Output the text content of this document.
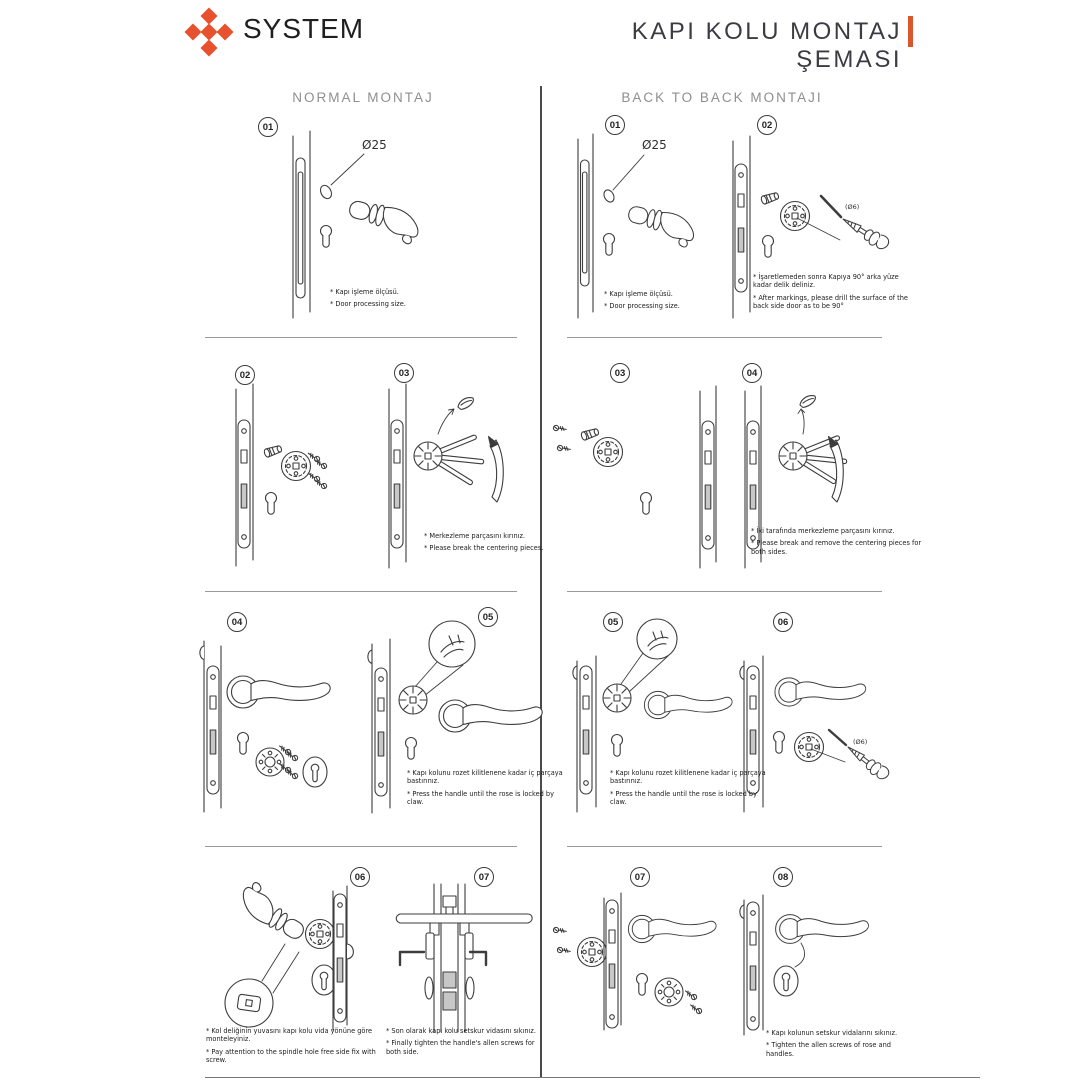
SYSTEM	KAPI KOLU MONTAJ ŞEMASI
NORMAL MONTAJ	BACK TO BACK MONTAJI
01
02	03
04	05
06	07
01	02
03	04
05	06
07	08
Ø25	Ø25
(Ø6)
(Ø6)
* Kapı işleme ölçüsü.
* Door processing size.
* Merkezleme parçasını kırınız.
* Please break the centering pieces.
* Kapı kolunu rozet kilitlenene kadar iç parçaya bastırınız.
* Press the handle until the rose is locked by claw.
* Kol deliğinin yuvasını kapı kolu vida yönüne göre monteleyiniz.
* Pay attention to the spindle hole free side fix with screw.
* Son olarak kapı kolu setskur vidasını sıkınız.
* Finally tighten the handle's allen screws for both side.
* Kapı işleme ölçüsü.
* Door processing size.
* İşaretlemeden sonra Kapıya 90° arka yüze kadar delik deliniz.
* After markings, please drill the surface of the back side door as to be 90°
* İki tarafında merkezleme parçasını kırınız.
* Please break and remove the centering pieces for both sides.
* Kapı kolunu rozet kilitlenene kadar iç parçaya bastırınız.
* Press the handle until the rose is locked by claw.
* Kapı kolunun setskur vidalarını sıkınız.
* Tighten the allen screws of rose and handles.
